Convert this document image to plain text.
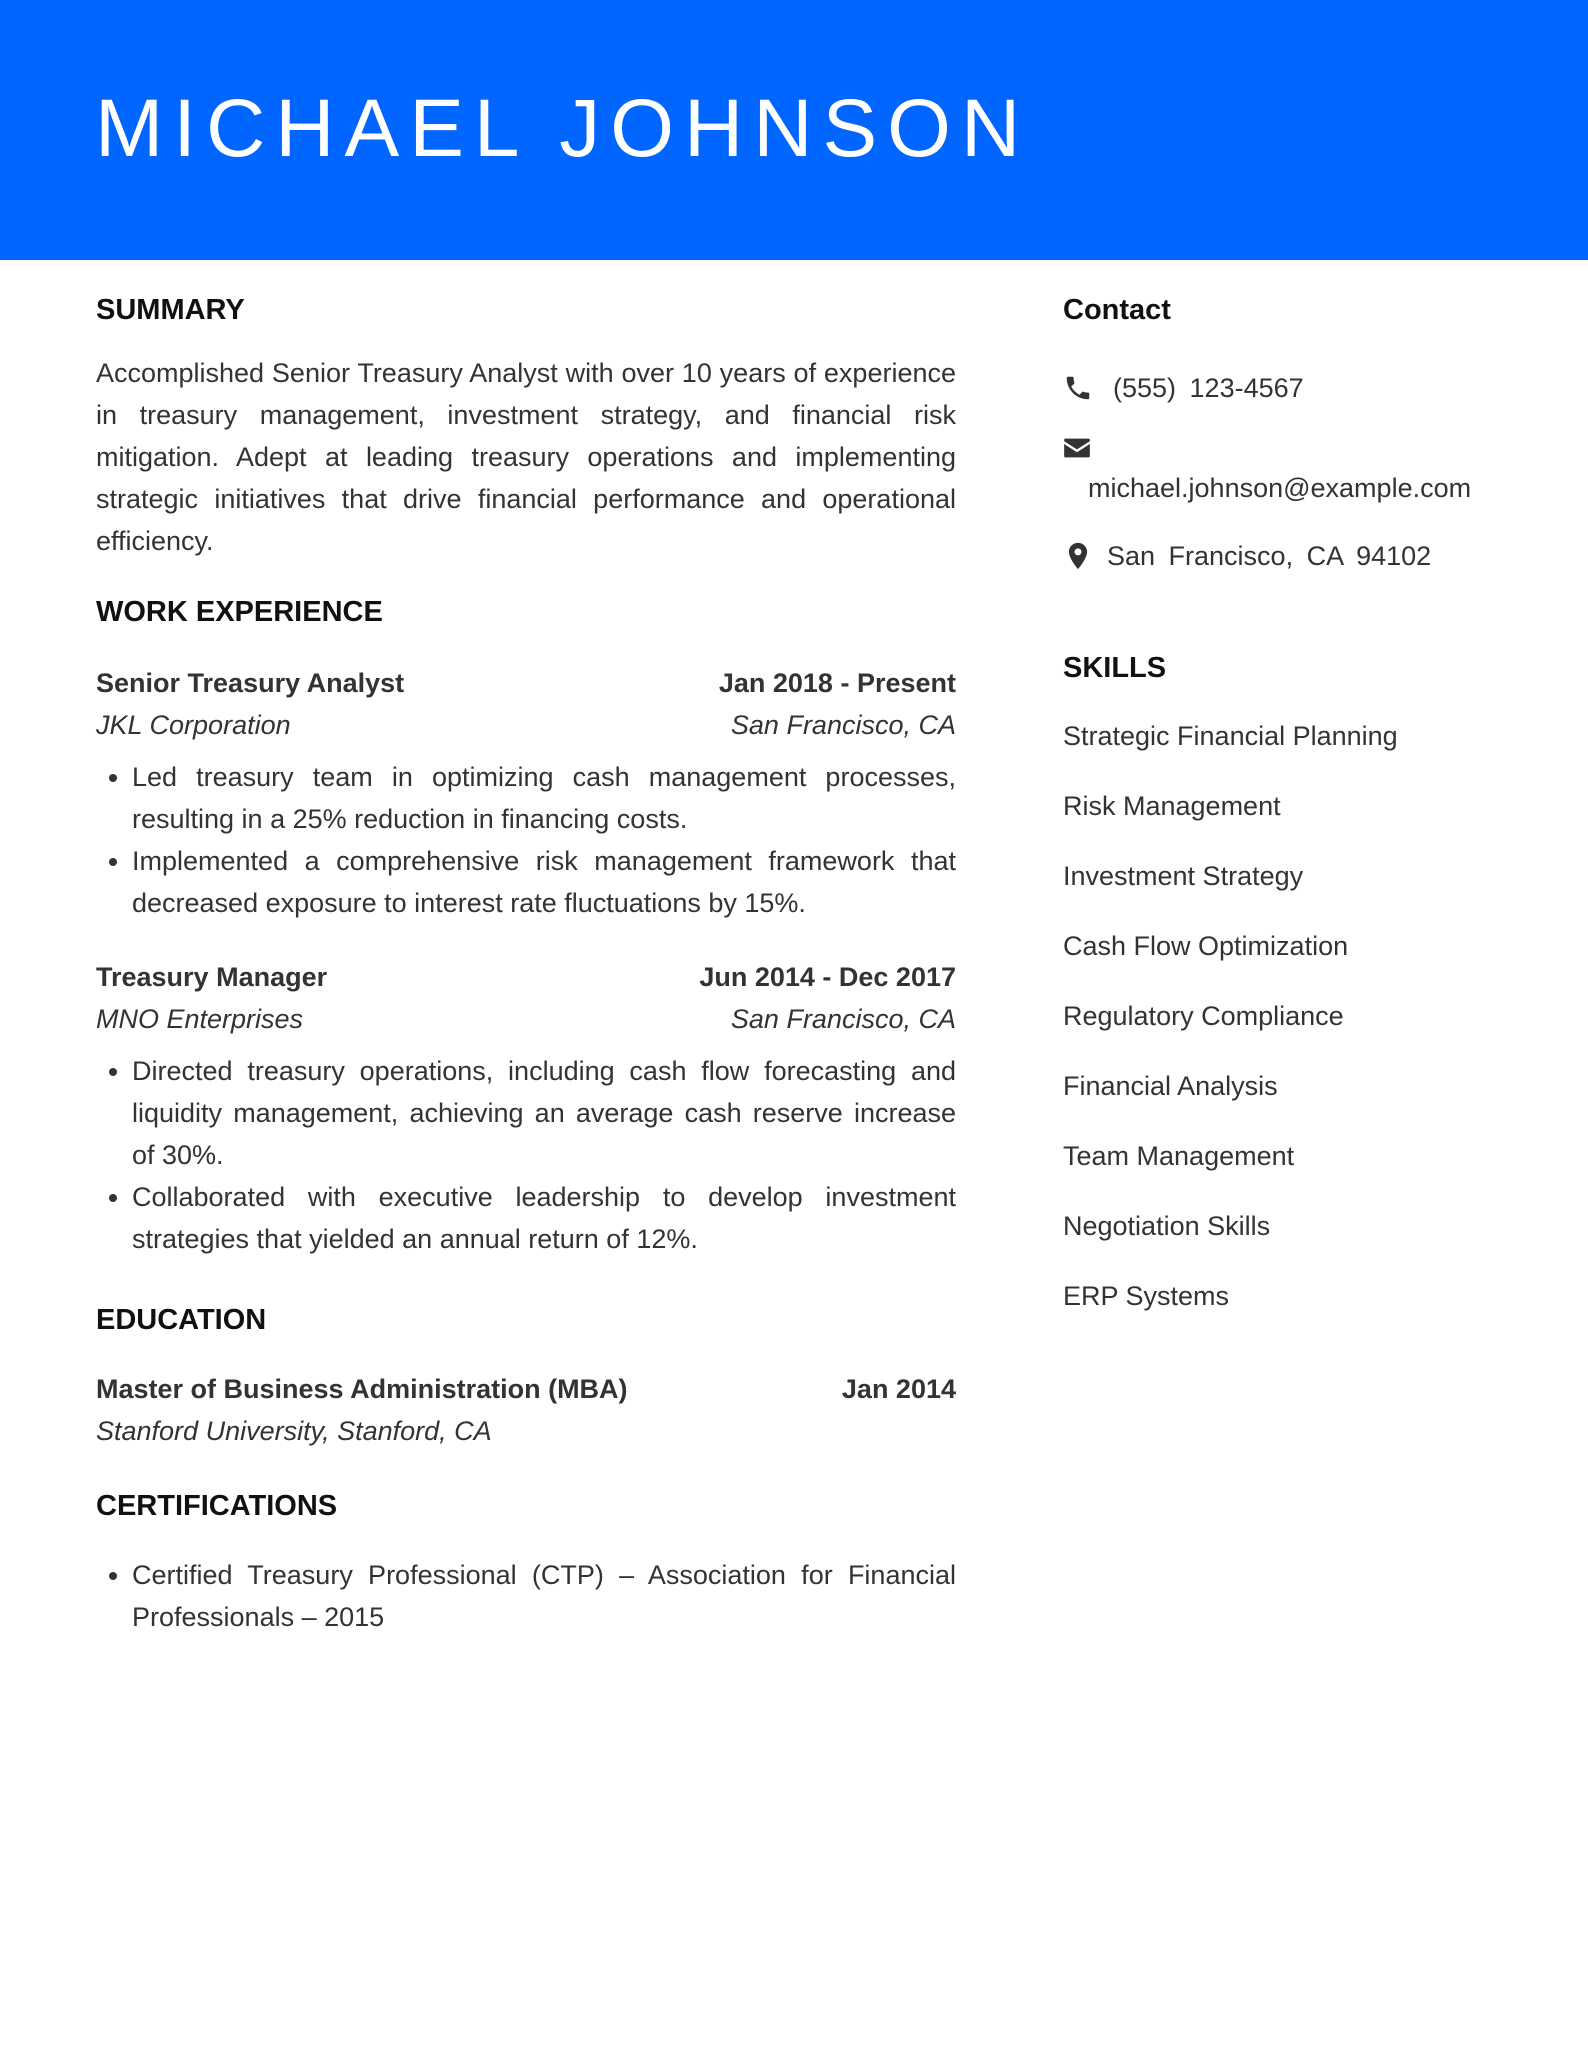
MICHAEL JOHNSON
SUMMARY

Accomplished Senior Treasury Analyst with over 10 years of experience in treasury management, investment strategy, and financial risk mitigation. Adept at leading treasury operations and implementing strategic initiatives that drive financial performance and operational efficiency.

WORK EXPERIENCE
Senior Treasury Analyst	Jan 2018 - Present
JKL Corporation	San Francisco, CA
• Led treasury team in optimizing cash management processes, resulting in a 25% reduction in financing costs.
• Implemented a comprehensive risk management framework that decreased exposure to interest rate fluctuations by 15%.
Treasury Manager	Jun 2014 - Dec 2017
MNO Enterprises	San Francisco, CA
• Directed treasury operations, including cash flow forecasting and liquidity management, achieving an average cash reserve increase of 30%.
• Collaborated with executive leadership to develop investment strategies that yielded an annual return of 12%.
EDUCATION
Master of Business Administration (MBA)	Jan 2014
Stanford University, Stanford, CA
CERTIFICATIONS
• Certified Treasury Professional (CTP) – Association for Financial Professionals – 2015
Contact
(555) 123-4567
michael.johnson@example.com
San Francisco, CA 94102
SKILLS

Strategic Financial Planning

Risk Management

Investment Strategy

Cash Flow Optimization

Regulatory Compliance

Financial Analysis

Team Management

Negotiation Skills

ERP Systems
